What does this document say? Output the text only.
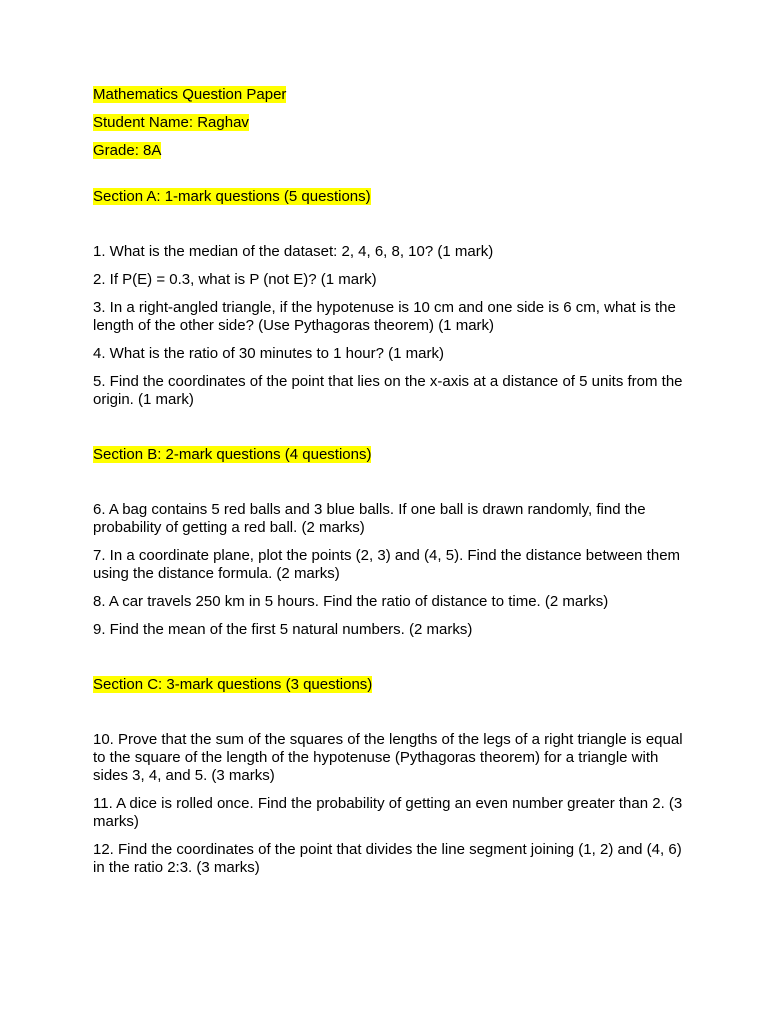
Mathematics Question Paper

Student Name: Raghav

Grade: 8A

Section A: 1-mark questions (5 questions)

1. What is the median of the dataset: 2, 4, 6, 8, 10? (1 mark)

2. If P(E) = 0.3, what is P (not E)? (1 mark)

3. In a right-angled triangle, if the hypotenuse is 10 cm and one side is 6 cm, what is the length of the other side? (Use Pythagoras theorem) (1 mark)

4. What is the ratio of 30 minutes to 1 hour? (1 mark)

5. Find the coordinates of the point that lies on the x-axis at a distance of 5 units from the origin. (1 mark)

Section B: 2-mark questions (4 questions)

6. A bag contains 5 red balls and 3 blue balls. If one ball is drawn randomly, find the probability of getting a red ball. (2 marks)

7. In a coordinate plane, plot the points (2, 3) and (4, 5). Find the distance between them using the distance formula. (2 marks)

8. A car travels 250 km in 5 hours. Find the ratio of distance to time. (2 marks)

9. Find the mean of the first 5 natural numbers. (2 marks)

Section C: 3-mark questions (3 questions)

10. Prove that the sum of the squares of the lengths of the legs of a right triangle is equal to the square of the length of the hypotenuse (Pythagoras theorem) for a triangle with sides 3, 4, and 5. (3 marks)

11. A dice is rolled once. Find the probability of getting an even number greater than 2. (3 marks)

12. Find the coordinates of the point that divides the line segment joining (1, 2) and (4, 6) in the ratio 2:3. (3 marks)
